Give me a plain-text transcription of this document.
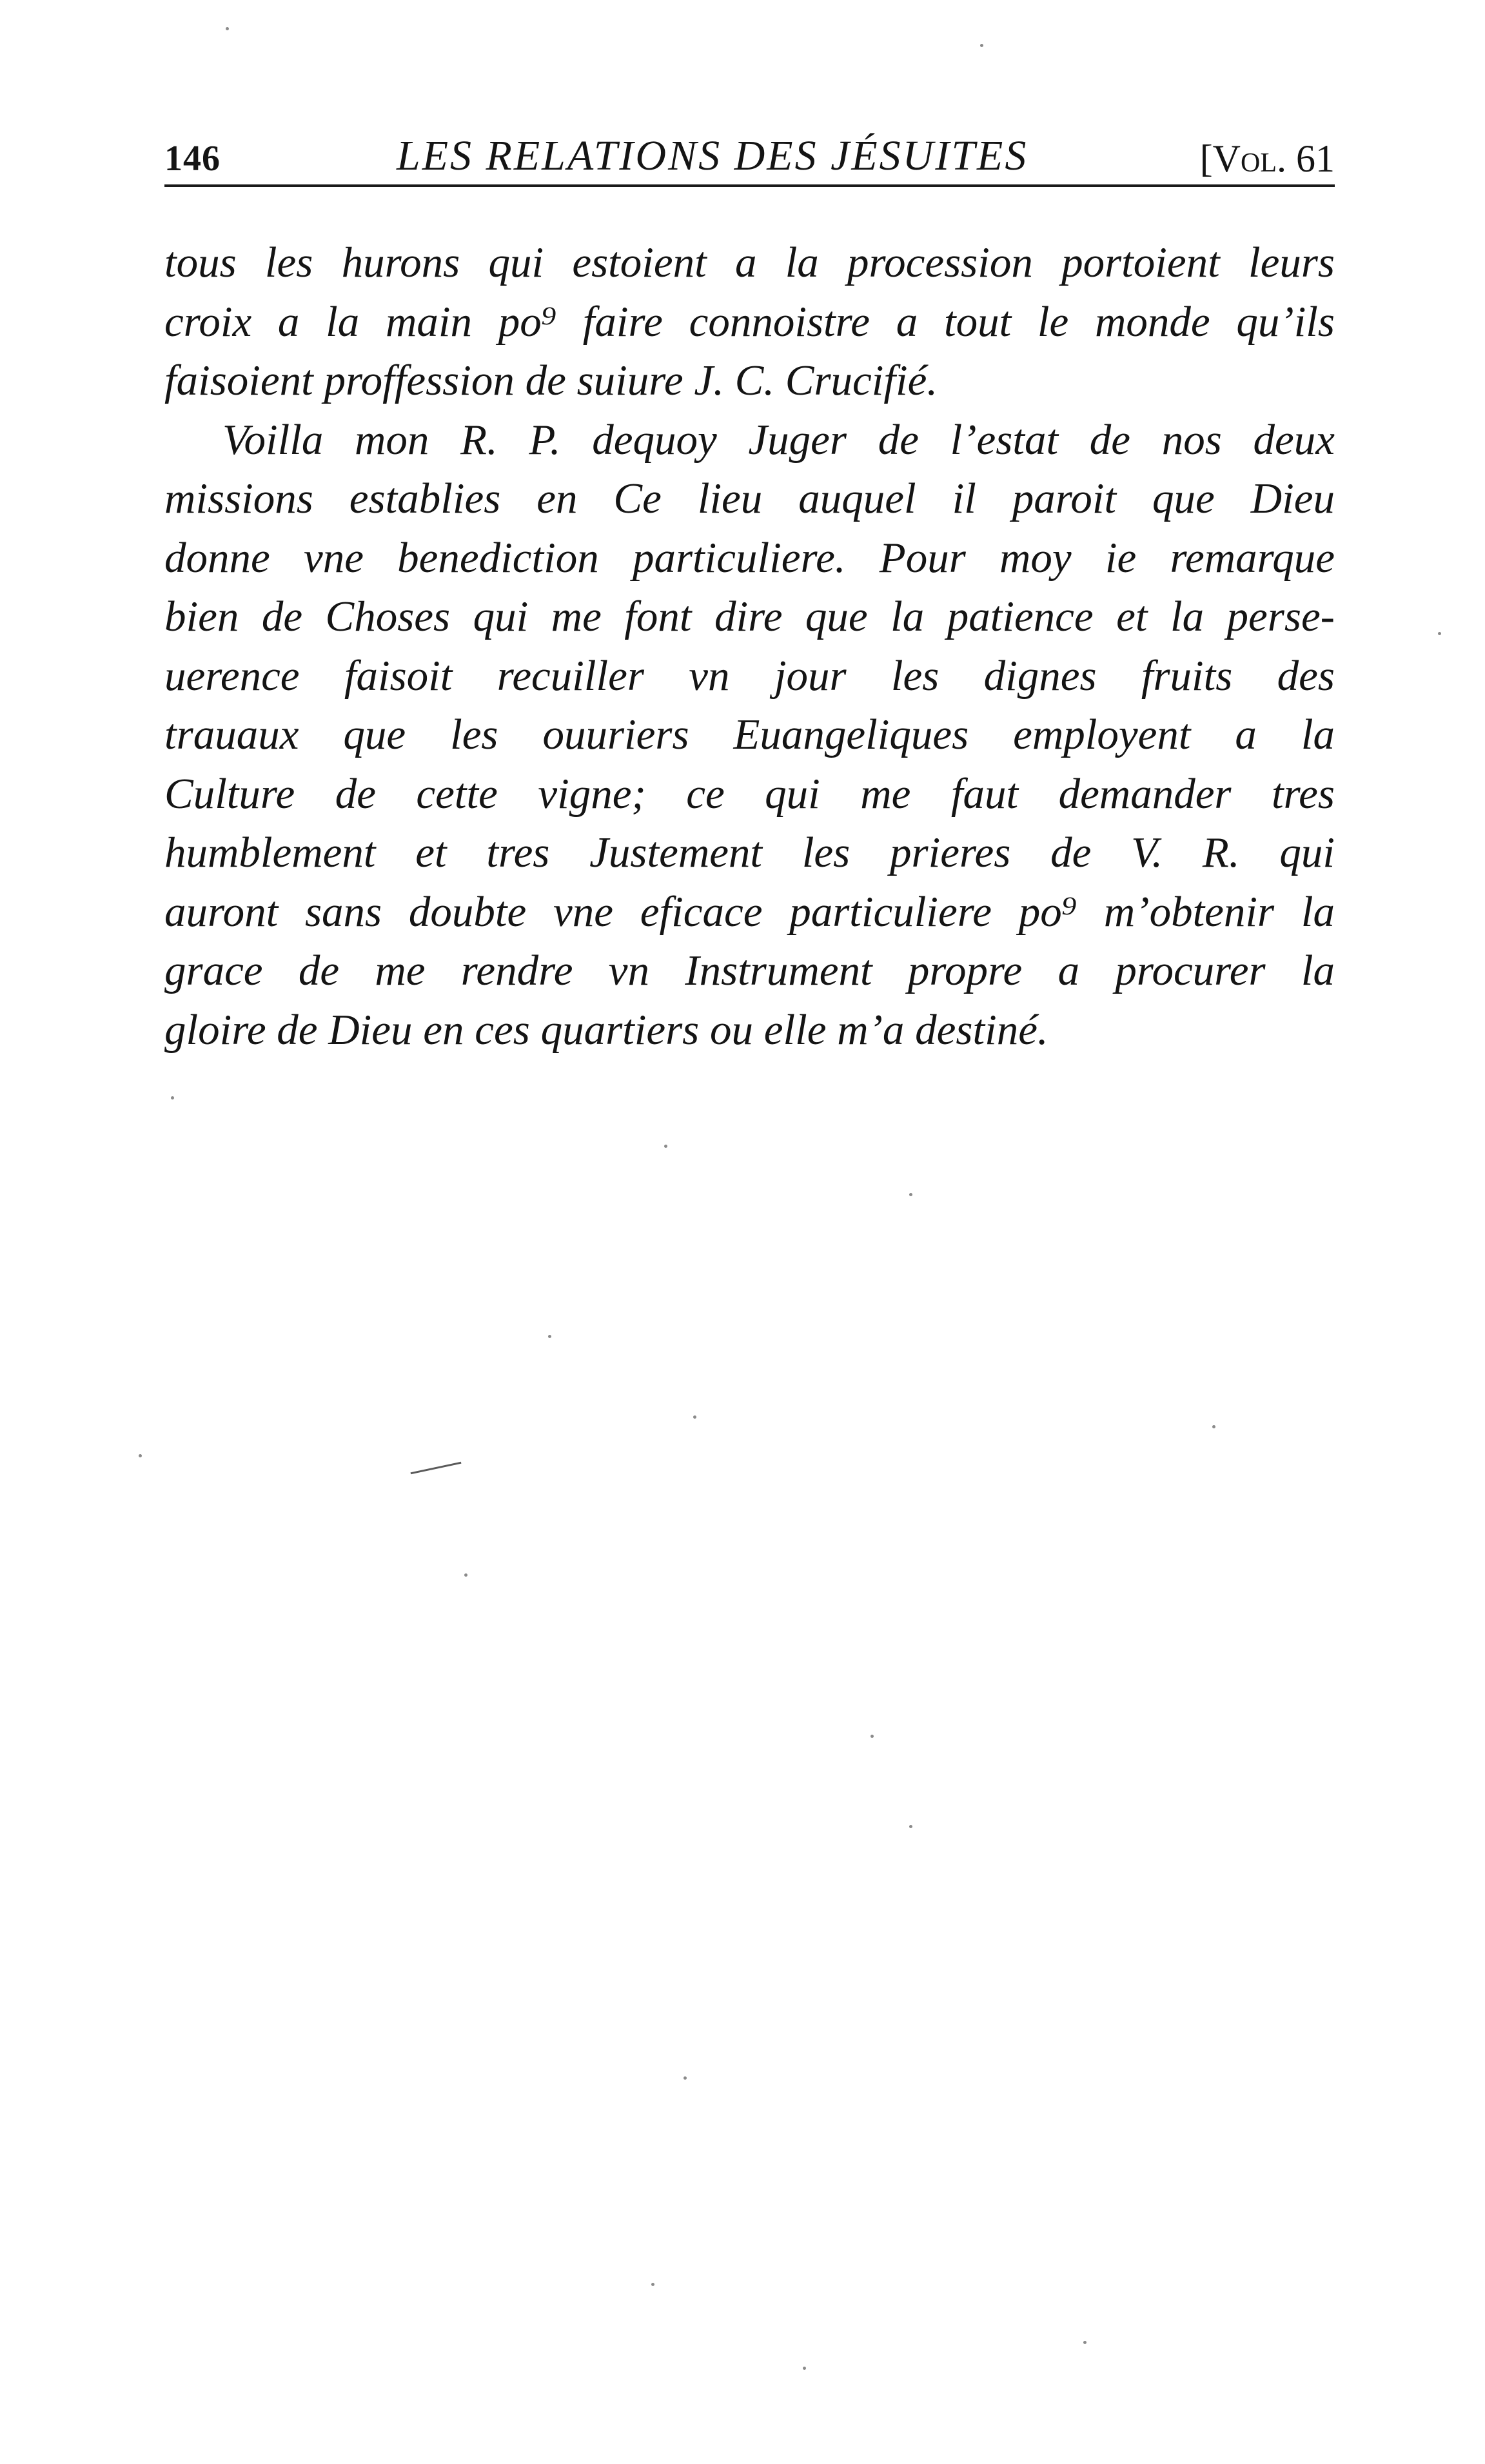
146	LES RELATIONS DES JÉSUITES	[Vol. 61
tous les hurons qui estoient a la procession portoient leurs
croix a la main po⁹ faire connoistre a tout le monde qu’ils
faisoient proffession de suiure J. C. Crucifié.
Voilla mon R. P. dequoy Juger de l’estat de nos deux
missions establies en Ce lieu auquel il paroit que Dieu
donne vne benediction particuliere. Pour moy ie remarque
bien de Choses qui me font dire que la patience et la perse-
uerence faisoit recuiller vn jour les dignes fruits des
trauaux que les ouuriers Euangeliques employent a la
Culture de cette vigne; ce qui me faut demander tres
humblement et tres Justement les prieres de V. R. qui
auront sans doubte vne eficace particuliere po⁹ m’obtenir la
grace de me rendre vn Instrument propre a procurer la
gloire de Dieu en ces quartiers ou elle m’a destiné.
